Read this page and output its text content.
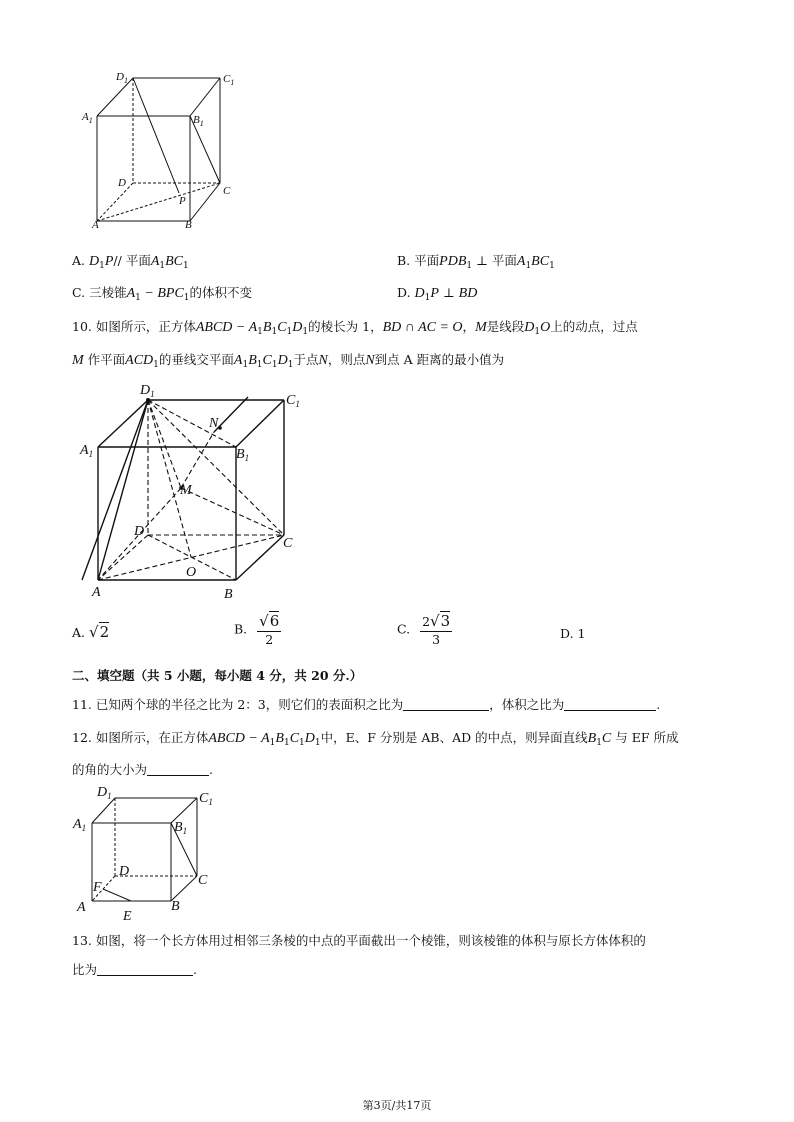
$D_1$	$C_1$
$A_1$	$B_1$
D
C
P
A	B
A. $D_1P//$ 平面$A_1BC_1$	B. 平面$PDB_1$ ⊥ 平面$A_1BC_1$
C. 三棱锥$A_1 - BPC_1$的体积不变	D. $D_1P$ ⊥ BD
10. 如图所示，正方体ABCD − $A_1B_1C_1D_1$的棱长为 1，BD ∩ AC = O，M是线段$D_1O$上的动点，过点
M 作平面$ACD_1$的垂线交平面$A_1B_1C_1D_1$于点N，则点N到点 A 距离的最小值为
$D_1$	$C_1$
$A_1$	$B_1$
N
M
D
C
O
A	B
A. √2	B. $\frac{√6}{2}$	C. $\frac{2√3}{3}$	D. 1
二、填空题（共 5 小题，每小题 4 分，共 20 分.）
11. 已知两个球的半径之比为 2：3，则它们的表面积之比为	，体积之比为	.
12. 如图所示，在正方体ABCD − $A_1B_1C_1D_1$中，E、F 分别是 AB、AD 的中点，则异面直线$B_1C$ 与 EF 所成
的角的大小为	.
$D_1$	$C_1$
$A_1$	$B_1$
D
C
F
A	B
E
13. 如图，将一个长方体用过相邻三条棱的中点的平面截出一个棱锥，则该棱锥的体积与原长方体体积的
比为	.
第3页/共17页
